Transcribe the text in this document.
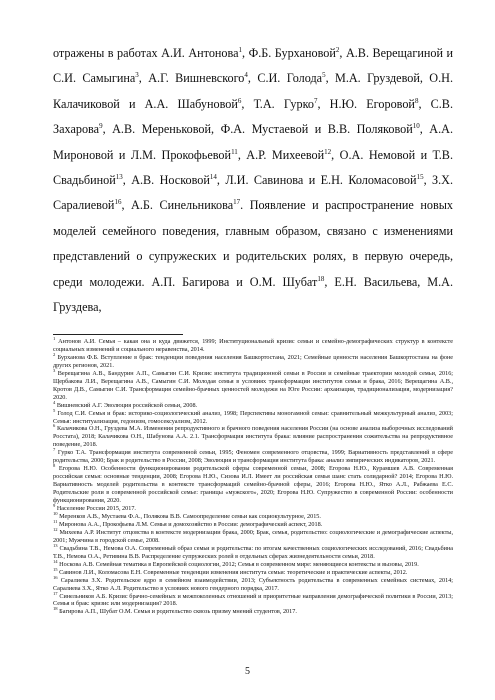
отражены в работах А.И. Антонова$^1$, Ф.Б. Бурхановой$^2$, А.В. Верещагиной и С.И. Самыгина$^3$, А.Г. Вишневского$^4$, С.И. Голода$^5$, М.А. Груздевой, О.Н. Калачиковой и А.А. Шабуновой$^6$, Т.А. Гурко$^7$, Н.Ю. Егоровой$^8$, С.В. Захарова$^9$, А.В. Мереньковой, Ф.А. Мустаевой и В.В. Поляковой$^{10}$, А.А. Мироновой и Л.М. Прокофьевой$^{11}$, А.Р. Михеевой$^{12}$, О.А. Немовой и Т.В. Свадьбиной$^{13}$, А.В. Носковой$^{14}$, Л.И. Савинова и Е.Н. Коломасовой$^{15}$, З.Х. Саралиевой$^{16}$, А.Б. Синельникова$^{17}$. Появление и распространение новых моделей семейного поведения, главным образом, связано с изменениями представлений о супружеских и родительских ролях, в первую очередь, среди молодежи. А.П. Багирова и О.М. Шубат$^{18}$, Е.Н. Васильева, М.А. Груздева,

$^1$ Антонов А.И. Семья – какая она и куда движется, 1999; Институциональный кризис семьи и семейно-демографических структур в контексте социальных изменений и социального неравенства, 2014.

$^2$ Бурханова Ф.Б. Вступление в брак: тенденции поведения населения Башкортостана, 2021; Семейные ценности населения Башкортостана на фоне других регионов, 2021.

$^3$ Верещагина А.В., Бандурин А.П., Самыгин С.И. Кризис института традиционной семьи в России и семейные траектории молодой семьи, 2016; Щербакова Л.И., Верещагина А.В., Самыгин С.И. Молодая семья в условиях трансформации институтов семьи и брака, 2016; Верещагина А.В., Кротов Д.В., Самыгин С.И. Трансформация семейно-брачных ценностей молодежи на Юге России: архаизация, традиционализация, модернизация? 2020.

$^4$ Вишневский А.Г. Эволюция российской семьи, 2008.

$^5$ Голод С.И. Семья и брак: историко-социологический анализ, 1998; Перспективы моногамной семьи: сравнительный межкультурный анализ, 2003; Семья: институализация, гедонизм, гомосексуализм, 2012.

$^6$ Калачикова О.Н., Груздева М.А. Изменения репродуктивного и брачного поведения населения России (на основе анализа выборочных исследований Росстата), 2018; Калачикова О.Н., Шабунова А.А. 2.1. Трансформация института брака: влияние распространения сожительства на репродуктивное поведение, 2018.

$^7$ Гурко Т.А. Трансформация института современной семьи, 1995; Феномен современного отцовства, 1999; Вариативность представлений в сфере родительства, 2000; Брак и родительство в России, 2008; Эволюция и трансформация института брака: анализ эмпирических индикаторов, 2021.

$^8$ Егорова Н.Ю. Особенности функционирования родительской сферы современной семьи, 2008; Егорова Н.Ю., Курамшев А.В. Современная российская семья: основные тенденции, 2008; Егорова Н.Ю., Сизова И.Л. Имеет ли российская семья шанс стать солидарной? 2014; Егорова Н.Ю. Вариативность моделей родительства в контексте трансформаций семейно-брачной сферы, 2016; Егорова Н.Ю., Ятко А.Л., Рабжаева Е.С. Родительские роли в современной российской семье: границы «мужского», 2020; Егорова Н.Ю. Супружество в современной России: особенности функционирования, 2020.

$^9$ Население России 2015, 2017.

$^{10}$ Меренков А.В., Мустаева Ф.А., Полякова В.В. Самоопределение семьи как социокультурное, 2015.

$^{11}$ Миронова А.А., Прокофьева Л.М. Семья и домохозяйство в России: демографический аспект, 2018.

$^{12}$ Михеева А.Р. Институт отцовства в контексте модернизации брака, 2000; Брак, семья, родительство: социологические и демографические аспекты, 2001; Мужчина в городской семье, 2008.

$^{13}$ Свадьбина Т.В., Немова О.А. Современный образ семьи и родительства: по итогам качественных социологических исследований, 2016; Свадьбина Т.В., Немова О.А., Ретивина В.В. Распределение супружеских ролей в отдельных сферах жизнедеятельности семьи, 2018.

$^{14}$ Носкова А.В. Семейная тематика в Европейской социологии, 2012; Семья в современном мире: меняющиеся контексты и вызовы, 2019.

$^{15}$ Савинов Л.И., Коломасова Е.Н. Современные тенденции изменения института семьи: теоретические и практические аспекты, 2012.

$^{16}$ Саралиева З.Х. Родительское ядро в семейном взаимодействии, 2013; Субъектность родительства в современных семейных системах, 2014; Саралиева З.Х., Ятко А.Л. Родительство в условиях нового гендерного порядка, 2017.

$^{17}$ Синельников А.Б. Кризис брачно-семейных и межпоколенных отношений и приоритетные направления демографической политики в России, 2013; Семья и брак: кризис или модернизация? 2018.

$^{18}$ Багирова А.П., Шубат О.М. Семья и родительство сквозь призму мнений студентов, 2017.

5
